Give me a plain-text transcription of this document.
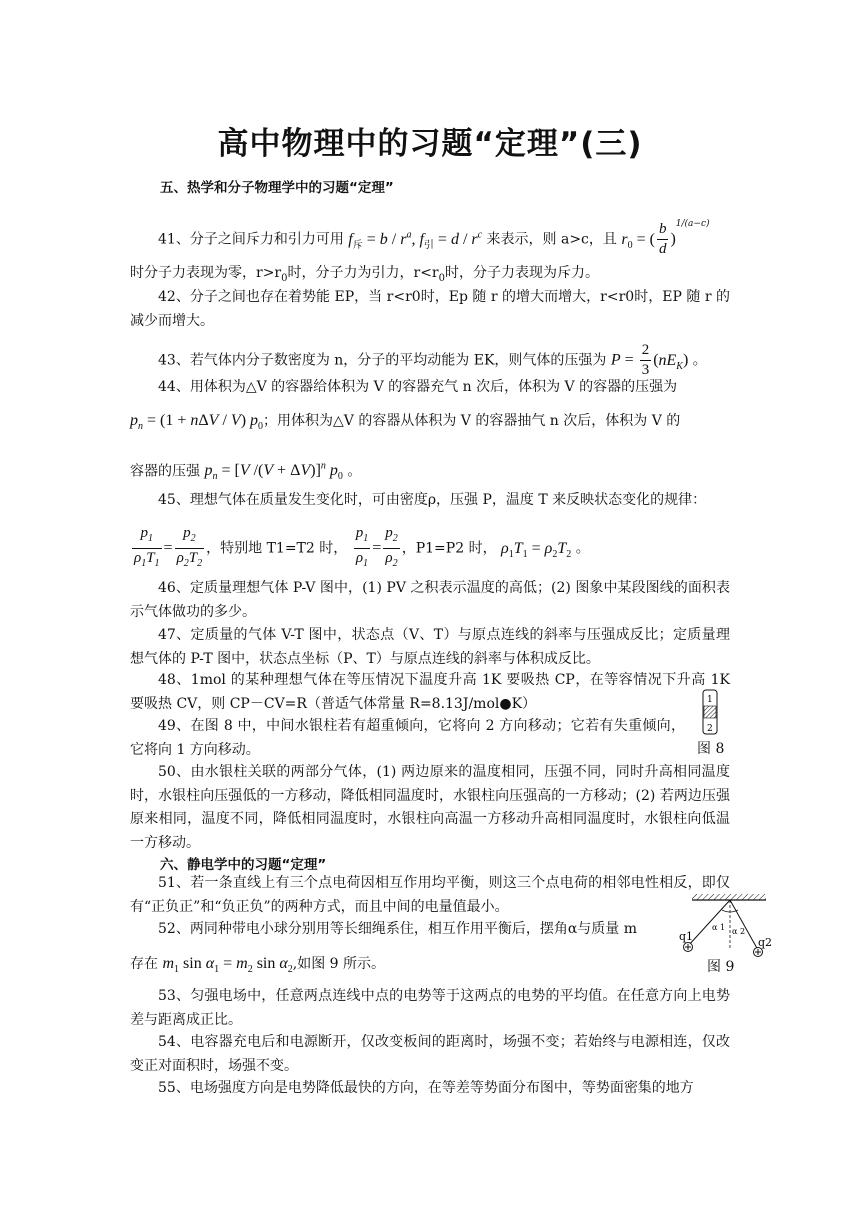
高中物理中的习题“定理”(三)
五、热学和分子物理学中的习题“定理”
41、分子之间斥力和引力可用 $f_斥 = b / r^a$, $f_引 = d / r^c$ 来表示，则 a>c，且 $r_0$ = ( $\frac{b}{d} )^{1/(a-c)}$
时分子力表现为零，$r>r_0$时，分子力为引力，$r<r_0$时，分子力表现为斥力。
42、分子之间也存在着势能 EP，当 r<r0时，Ep 随 r 的增大而增大，r<r0时，EP 随 r 的减少而增大。
43、若气体内分子数密度为 n，分子的平均动能为 EK，则气体的压强为 $P = \frac{2}{3} (nE_K)$ 。
44、用体积为△V 的容器给体积为 V 的容器充气 n 次后，体积为 V 的容器的压强为
$p_n = (1 + n\Delta V / V)$ $p_0$；用体积为△V 的容器从体积为 V 的容器抽气 n 次后，体积为 V 的
容器的压强 $p_n = [V$ /(V + ΔV)]$^n$ $p_0$ 。
45、理想气体在质量发生变化时，可由密度ρ，压强 P，温度 T 来反映状态变化的规律：
$\frac{p_1}{\rho_1T_1} = \frac{p_2}{\rho_2T_2}$ ，特别地 T1=T2 时， $\frac{p_1}{\rho_1} = \frac{p_2}{\rho_2}$ ，P1=P2 时， $\rho_1T_1 = \rho_2T_2$ 。
46、定质量理想气体 P-V 图中，(1) PV 之积表示温度的高低；(2) 图象中某段图线的面积表示气体做功的多少。
47、定质量的气体 V-T 图中，状态点（V、T）与原点连线的斜率与压强成反比；定质量理想气体的 P-T 图中，状态点坐标（P、T）与原点连线的斜率与体积成反比。
48、1mol 的某种理想气体在等压情况下温度升高 1K 要吸热 CP，在等容情况下升高 1K 要吸热 CV，则 CP－CV=R（普适气体常量 R=8.13J/mol●K）
49、在图 8 中，中间水银柱若有超重倾向，它将向 2 方向移动；它若有失重倾向，它将向 1 方向移动。
1
2
图 8
50、由水银柱关联的两部分气体，(1) 两边原来的温度相同，压强不同，同时升高相同温度时，水银柱向压强低的一方移动，降低相同温度时，水银柱向压强高的一方移动；(2) 若两边压强原来相同，温度不同，降低相同温度时，水银柱向高温一方移动升高相同温度时，水银柱向低温一方移动。
六、静电学中的习题“定理”
51、若一条直线上有三个点电荷因相互作用均平衡，则这三个点电荷的相邻电性相反，即仅有“正负正”和“负正负”的两种方式，而且中间的电量值最小。
52、两同种带电小球分别用等长细绳系住，相互作用平衡后，摆角α与质量 m
存在 $m_1$ $\sin \alpha_1 = m_2$ $\sin \alpha_2$,如图 9 所示。
q1	q2
α 1 α 2
图 9
53、匀强电场中，任意两点连线中点的电势等于这两点的电势的平均值。在任意方向上电势差与距离成正比。
54、电容器充电后和电源断开，仅改变板间的距离时，场强不变；若始终与电源相连，仅改变正对面积时，场强不变。
55、电场强度方向是电势降低最快的方向，在等差等势面分布图中，等势面密集的地方
